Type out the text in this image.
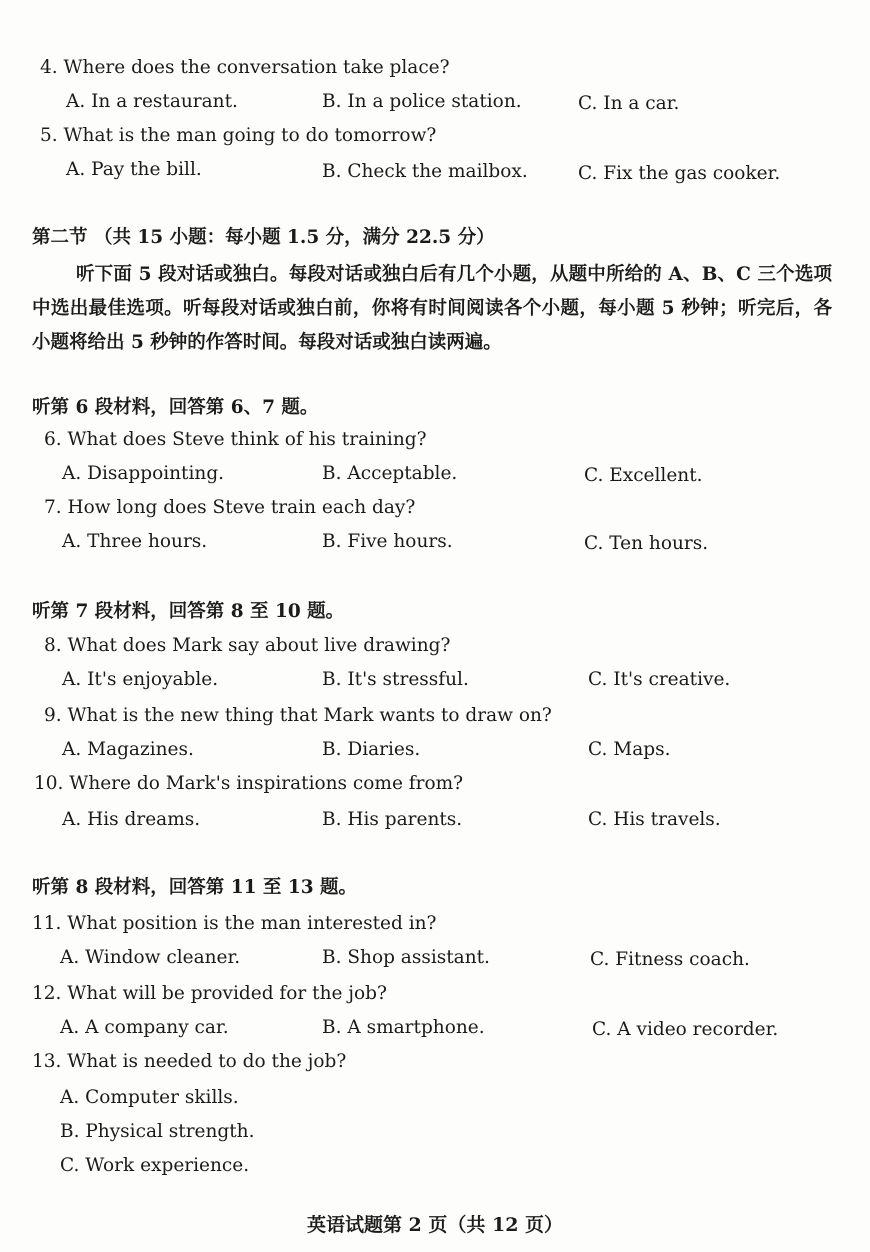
4. Where does the conversation take place?
A. In a restaurant.	B. In a police station.	C. In a car.
5. What is the man going to do tomorrow?
A. Pay the bill.	B. Check the mailbox.	C. Fix the gas cooker.
第二节 （共 15 小题：每小题 1.5 分，满分 22.5 分）
听下面 5 段对话或独白。每段对话或独白后有几个小题，从题中所给的 A、B、C 三个选项中选出最佳选项。听每段对话或独白前，你将有时间阅读各个小题，每小题 5 秒钟；听完后，各小题将给出 5 秒钟的作答时间。每段对话或独白读两遍。
听第 6 段材料，回答第 6、7 题。
6. What does Steve think of his training?
A. Disappointing.	B. Acceptable.	C. Excellent.
7. How long does Steve train each day?
A. Three hours.	B. Five hours.	C. Ten hours.
听第 7 段材料，回答第 8 至 10 题。
8. What does Mark say about live drawing?
A. It's enjoyable.	B. It's stressful.	C. It's creative.
9. What is the new thing that Mark wants to draw on?
A. Magazines.	B. Diaries.	C. Maps.
10. Where do Mark's inspirations come from?
A. His dreams.	B. His parents.	C. His travels.
听第 8 段材料，回答第 11 至 13 题。
11. What position is the man interested in?
A. Window cleaner.	B. Shop assistant.	C. Fitness coach.
12. What will be provided for the job?
A. A company car.	B. A smartphone.	C. A video recorder.
13. What is needed to do the job?
A. Computer skills.
B. Physical strength.
C. Work experience.
英语试题第 2 页（共 12 页）
